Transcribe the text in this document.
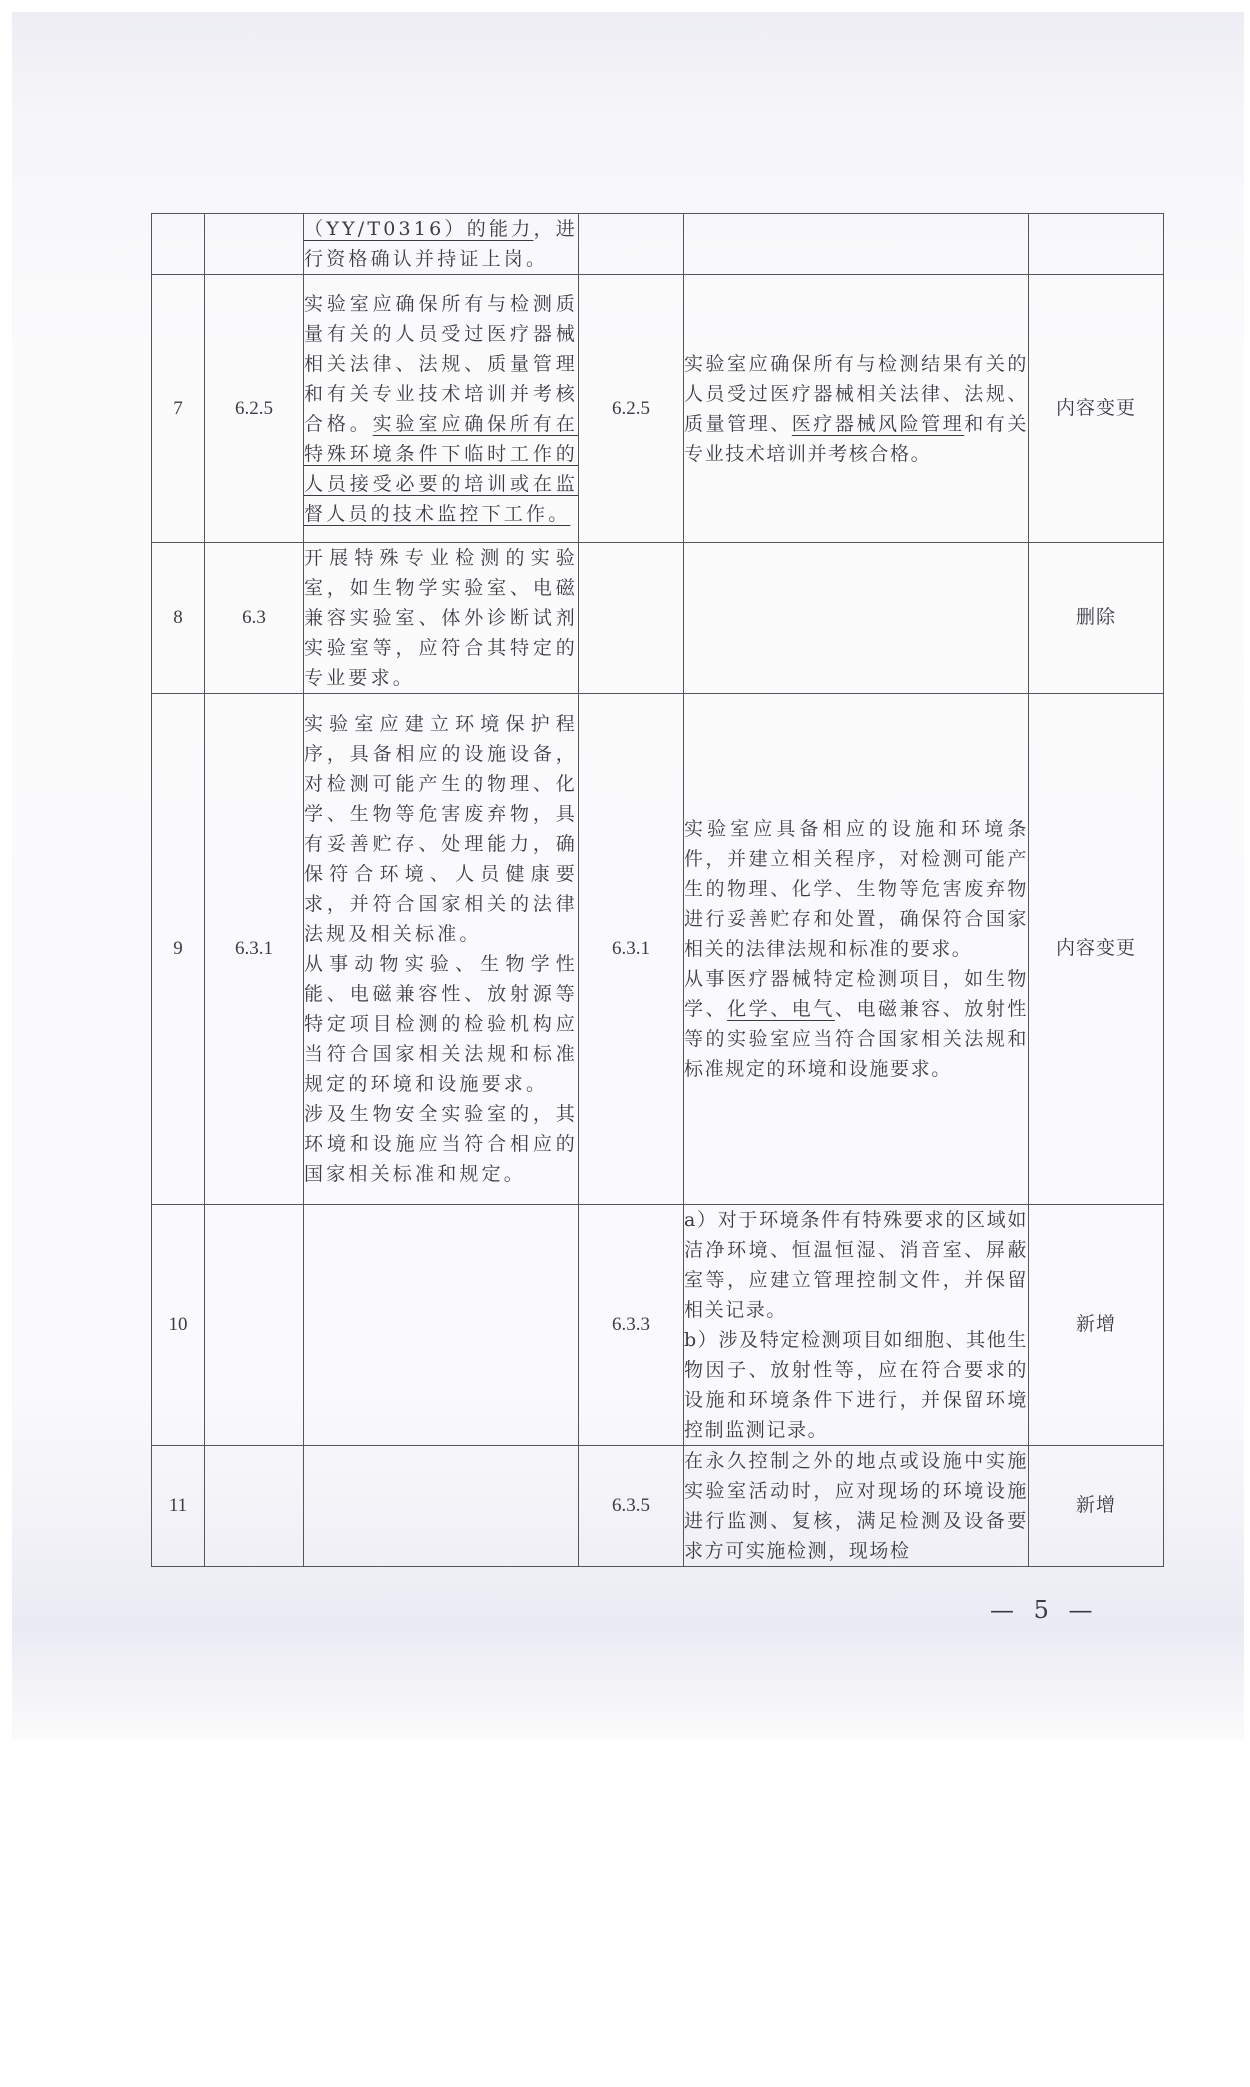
		（YY/T0316）的能力，进行资格确认并持证上岗。			
7	6.2.5	实验室应确保所有与检测质量有关的人员受过医疗器械相关法律、法规、质量管理和有关专业技术培训并考核合格。实验室应确保所有在特殊环境条件下临时工作的人员接受必要的培训或在监督人员的技术监控下工作。	6.2.5	实验室应确保所有与检测结果有关的人员受过医疗器械相关法律、法规、 质量管理、医疗器械风险管理和有关专业技术培训并考核合格。	内容变更
8	6.3	开展特殊专业检测的实验室，如生物学实验室、电磁兼容实验室、体外诊断试剂实验室等，应符合其特定的专业要求。			删除
9	6.3.1	实验室应建立环境保护程序，具备相应的设施设备，对检测可能产生的物理、化学、生物等危害废弃物，具有妥善贮存、处理能力，确保符合环境、人员健康要求，并符合国家相关的法律法规及相关标准。
从事动物实验、生物学性能、电磁兼容性、放射源等特定项目检测的检验机构应当符合国家相关法规和标准规定的环境和设施要求。
涉及生物安全实验室的，其环境和设施应当符合相应的国家相关标准和规定。	6.3.1	实验室应具备相应的设施和环境条件，并建立相关程序，对检测可能产生的物理、化学、生物等危害废弃物进行妥善贮存和处置，确保符合国家相关的法律法规和标准的要求。
从事医疗器械特定检测项目，如生物学、化学、电气、电磁兼容、放射性等的实验室应当符合国家相关法规和标准规定的环境和设施要求。	内容变更
10			6.3.3	a）对于环境条件有特殊要求的区域如洁净环境、恒温恒湿、消音室、屏蔽室等，应建立管理控制文件，并保留相关记录。
b）涉及特定检测项目如细胞、其他生物因子、放射性等，应在符合要求的设施和环境条件下进行，并保留环境控制监测记录。	新增
11			6.3.5	在永久控制之外的地点或设施中实施实验室活动时，应对现场的环境设施进行监测、复核，满足检测及设备要求方可实施检测，现场检	新增
— 5 —
